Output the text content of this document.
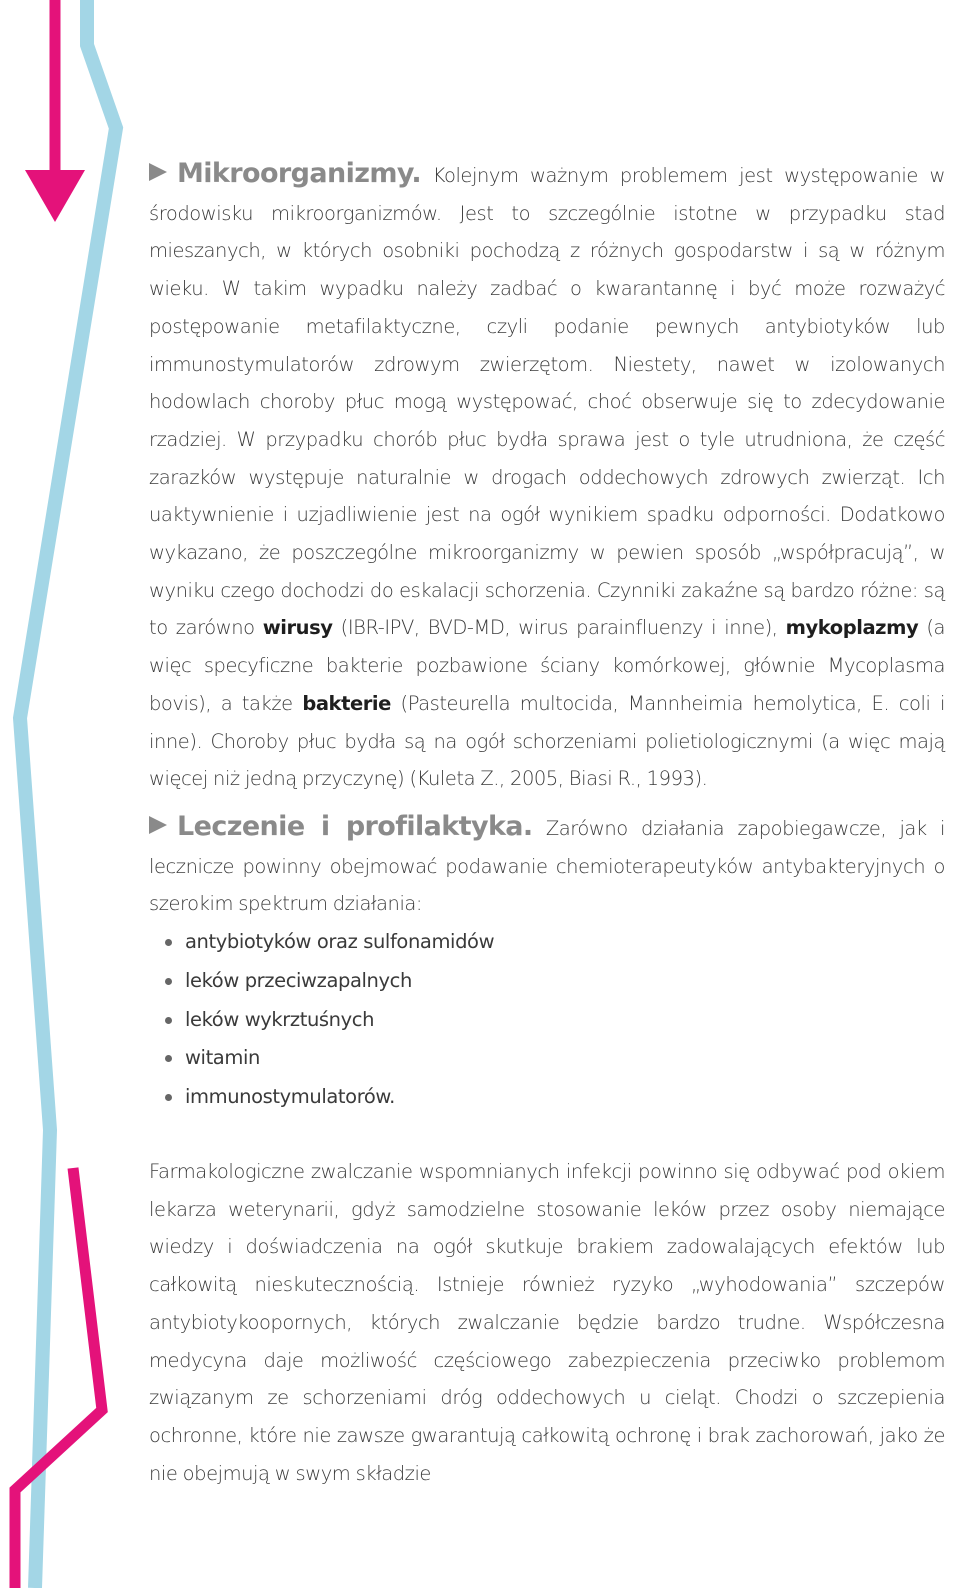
Mikroorganizmy. Kolejnym ważnym problemem jest występowanie w środowisku mikroorganizmów. Jest to szczególnie istotne w przypadku stad mieszanych, w których osobniki pochodzą z różnych gospodarstw i są w różnym wieku. W takim wypadku należy zadbać o kwarantannę i być może rozważyć postępowanie metafilaktyczne, czyli podanie pewnych antybiotyków lub immunostymulatorów zdrowym zwierzętom. Niestety, nawet w izolowanych hodowlach choroby płuc mogą występować, choć obserwuje się to zdecydowanie rzadziej. W przypadku chorób płuc bydła sprawa jest o tyle utrudniona, że część zarazków występuje naturalnie w drogach oddechowych zdrowych zwierząt. Ich uaktywnienie i uzjadliwienie jest na ogół wynikiem spadku odporności. Dodatkowo wykazano, że poszczególne mikroorganizmy w pewien sposób „współpracują”, w wyniku czego dochodzi do eskalacji schorzenia. Czynniki zakaźne są bardzo różne: są to zarówno wirusy (IBR-IPV, BVD-MD, wirus parainfluenzy i inne), mykoplazmy (a więc specyficzne bakterie pozbawione ściany komórkowej, głównie Mycoplasma bovis), a także bakterie (Pasteurella multocida, Mannheimia hemolytica, E. coli i inne). Choroby płuc bydła są na ogół schorzeniami polietiologicznymi (a więc mają więcej niż jedną przyczynę) (Kuleta Z., 2005, Biasi R., 1993).

Leczenie i profilaktyka. Zarówno działania zapobiegawcze, jak i lecznicze powinny obejmować podawanie chemioterapeutyków antybakteryjnych o szerokim spektrum działania:

antybiotyków oraz sulfonamidów
leków przeciwzapalnych
leków wykrztuśnych
witamin
immunostymulatorów.

Farmakologiczne zwalczanie wspomnianych infekcji powinno się odbywać pod okiem lekarza weterynarii, gdyż samodzielne stosowanie leków przez osoby niemające wiedzy i doświadczenia na ogół skutkuje brakiem zadowalających efektów lub całkowitą nieskutecznością. Istnieje również ryzyko „wyhodowania” szczepów antybiotykoopornych, których zwalczanie będzie bardzo trudne. Współczesna medycyna daje możliwość częściowego zabezpieczenia przeciwko problemom związanym ze schorzeniami dróg oddechowych u cieląt. Chodzi o szczepienia ochronne, które nie zawsze gwarantują całkowitą ochronę i brak zachorowań, jako że nie obejmują w swym składzie
